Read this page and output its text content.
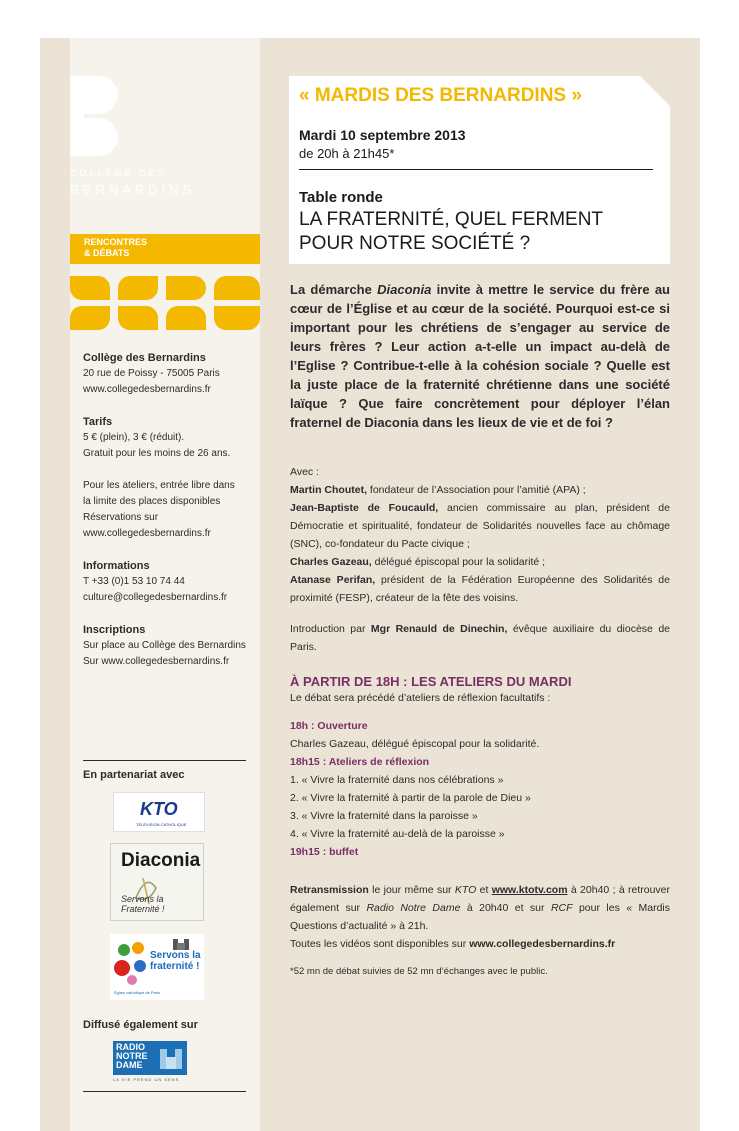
COLLÈGE DES
BERNARDINS
RENCONTRES
& DÉBATS
Collège des Bernardins
20 rue de Poissy - 75005 Paris
www.collegedesbernardins.fr
Tarifs
5 € (plein), 3 € (réduit).
Gratuit pour les moins de 26 ans.
Pour les ateliers, entrée libre dans
la limite des places disponibles
Réservations sur
www.collegedesbernardins.fr
Informations
T +33 (0)1 53 10 74 44
culture@collegedesbernardins.fr
Inscriptions
Sur place au Collège des Bernardins
Sur www.collegedesbernardins.fr
En partenariat avec
KTO
TÉLÉVISION CATHOLIQUE
Diaconia
Servons la Fraternité !
Servons la fraternité !
Église catholique de Paris
Diffusé également sur
RADIO NOTRE DAME
LA VIE PREND UN SENS
« MARDIS DES BERNARDINS »
Mardi 10 septembre 2013
de 20h à 21h45*
Table ronde
LA FRATERNITÉ, QUEL FERMENT
POUR NOTRE SOCIÉTÉ ?
La démarche Diaconia invite à mettre le service du frère au cœur de l’Église et au cœur de la société. Pourquoi est-ce si important pour les chrétiens de s’engager au service de leurs frères ? Leur action a-t-elle un impact au-delà de l’Eglise ? Contribue-t-elle à la cohésion sociale ? Quelle est la juste place de la fraternité chrétienne dans une société laïque ? Que faire concrètement pour déployer l’élan fraternel de Diaconia dans les lieux de vie et de foi ?
Avec :
Martin Choutet, fondateur de l’Association pour l’amitié (APA) ;
Jean-Baptiste de Foucauld, ancien commissaire au plan, président de Démocratie et spiritualité, fondateur de Solidarités nouvelles face au chômage (SNC), co-fondateur du Pacte civique ;
Charles Gazeau, délégué épiscopal pour la solidarité ;
Atanase Perifan, président de la Fédération Européenne des Solidarités de proximité (FESP), créateur de la fête des voisins.
Introduction par Mgr Renauld de Dinechin, évêque auxiliaire du diocèse de Paris.
À PARTIR DE 18H : LES ATELIERS DU MARDI
Le débat sera précédé d’ateliers de réflexion facultatifs :
18h : Ouverture
Charles Gazeau, délégué épiscopal pour la solidarité.
18h15 : Ateliers de réflexion
1. « Vivre la fraternité dans nos célébrations »
2. « Vivre la fraternité à partir de la parole de Dieu »
3. « Vivre la fraternité dans la paroisse »
4. « Vivre la fraternité au-delà de la paroisse »
19h15 : buffet
Retransmission le jour même sur KTO et www.ktotv.com à 20h40 ; à retrouver également sur Radio Notre Dame à 20h40 et sur RCF pour les « Mardis Questions d’actualité » à 21h.
Toutes les vidéos sont disponibles sur www.collegedesbernardins.fr
*52 mn de débat suivies de 52 mn d’échanges avec le public.
